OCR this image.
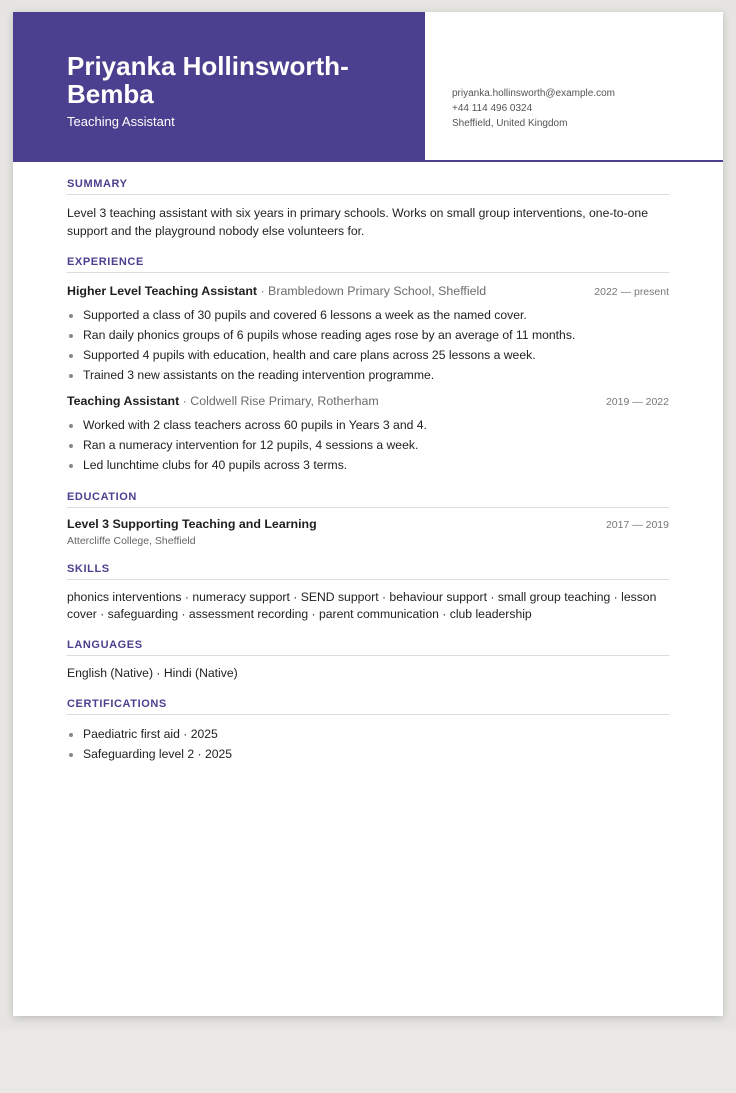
Priyanka Hollinsworth-Bemba

Teaching Assistant

priyanka.hollinsworth@example.com
+44 114 496 0324
Sheffield, United Kingdom
SUMMARY

Level 3 teaching assistant with six years in primary schools. Works on small group interventions, one-to-one support and the playground nobody else volunteers for.

EXPERIENCE
Higher Level Teaching Assistant · Brambledown Primary School, Sheffield	2022 — present
Supported a class of 30 pupils and covered 6 lessons a week as the named cover.
Ran daily phonics groups of 6 pupils whose reading ages rose by an average of 11 months.
Supported 4 pupils with education, health and care plans across 25 lessons a week.
Trained 3 new assistants on the reading intervention programme.
Teaching Assistant · Coldwell Rise Primary, Rotherham	2019 — 2022
Worked with 2 class teachers across 60 pupils in Years 3 and 4.
Ran a numeracy intervention for 12 pupils, 4 sessions a week.
Led lunchtime clubs for 40 pupils across 3 terms.
EDUCATION
Level 3 Supporting Teaching and Learning	2017 — 2019
Attercliffe College, Sheffield
SKILLS

phonics interventions · numeracy support · SEND support · behaviour support · small group teaching · lesson cover · safeguarding · assessment recording · parent communication · club leadership

LANGUAGES

English (Native) · Hindi (Native)

CERTIFICATIONS
Paediatric first aid · 2025
Safeguarding level 2 · 2025
